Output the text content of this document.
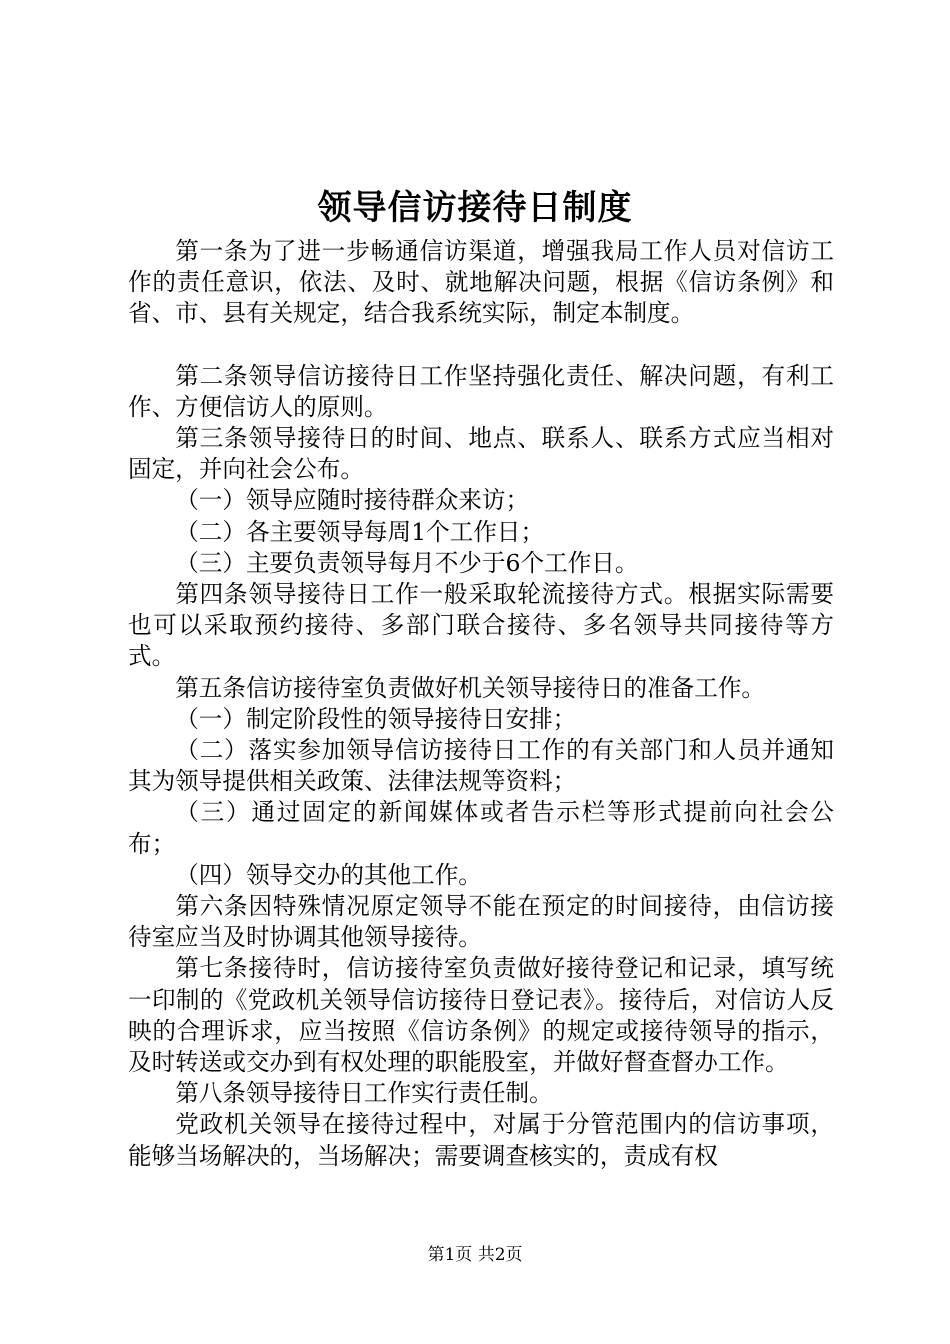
领导信访接待日制度

第一条为了进一步畅通信访渠道，增强我局工作人员对信访工作的责任意识，依法、及时、就地解决问题，根据《信访条例》和省、市、县有关规定，结合我系统实际，制定本制度。

第二条领导信访接待日工作坚持强化责任、解决问题，有利工作、方便信访人的原则。

第三条领导接待日的时间、地点、联系人、联系方式应当相对固定，并向社会公布。

（一）领导应随时接待群众来访；

（二）各主要领导每周1个工作日；

（三）主要负责领导每月不少于6个工作日。

第四条领导接待日工作一般采取轮流接待方式。根据实际需要也可以采取预约接待、多部门联合接待、多名领导共同接待等方式。

第五条信访接待室负责做好机关领导接待日的准备工作。

（一）制定阶段性的领导接待日安排；

（二）落实参加领导信访接待日工作的有关部门和人员并通知其为领导提供相关政策、法律法规等资料；

（三）通过固定的新闻媒体或者告示栏等形式提前向社会公布；

（四）领导交办的其他工作。

第六条因特殊情况原定领导不能在预定的时间接待，由信访接待室应当及时协调其他领导接待。

第七条接待时，信访接待室负责做好接待登记和记录，填写统一印制的《党政机关领导信访接待日登记表》。接待后，对信访人反映的合理诉求，应当按照《信访条例》的规定或接待领导的指示，及时转送或交办到有权处理的职能股室，并做好督查督办工作。

第八条领导接待日工作实行责任制。

党政机关领导在接待过程中，对属于分管范围内的信访事项，能够当场解决的，当场解决；需要调查核实的，责成有权

第1页 共2页
